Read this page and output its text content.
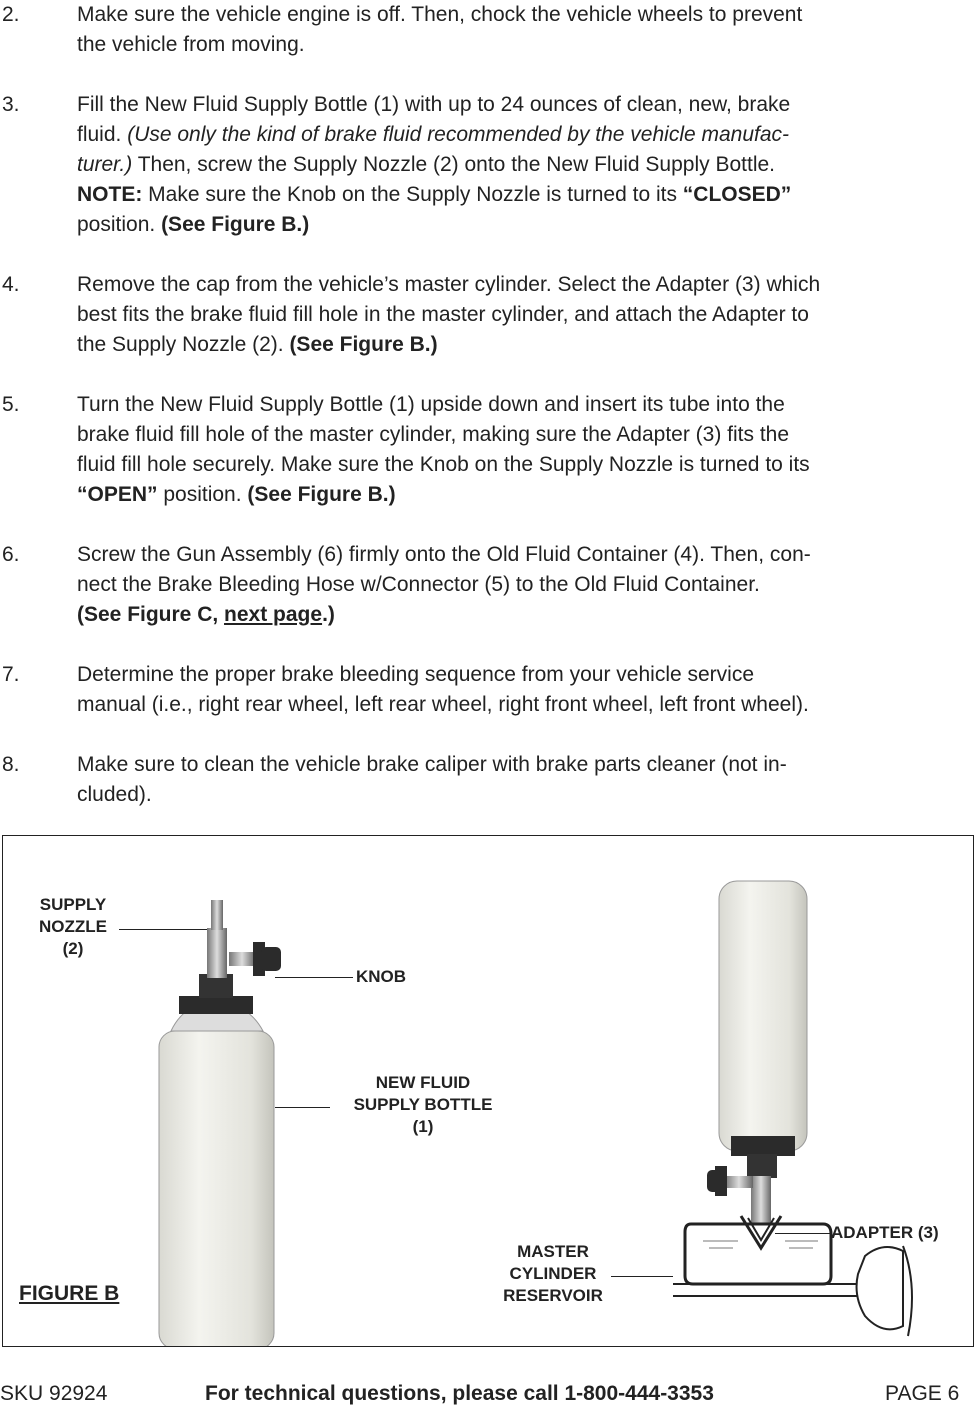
2.	Make sure the vehicle engine is off. Then, chock the vehicle wheels to prevent
the vehicle from moving.
3.	Fill the New Fluid Supply Bottle (1) with up to 24 ounces of clean, new, brake
fluid. (Use only the kind of brake fluid recommended by the vehicle manufac-
turer.) Then, screw the Supply Nozzle (2) onto the New Fluid Supply Bottle.
NOTE: Make sure the Knob on the Supply Nozzle is turned to its “CLOSED”
position. (See Figure B.)
4.	Remove the cap from the vehicle’s master cylinder. Select the Adapter (3) which
best fits the brake fluid fill hole in the master cylinder, and attach the Adapter to
the Supply Nozzle (2). (See Figure B.)
5.	Turn the New Fluid Supply Bottle (1) upside down and insert its tube into the
brake fluid fill hole of the master cylinder, making sure the Adapter (3) fits the
fluid fill hole securely. Make sure the Knob on the Supply Nozzle is turned to its
“OPEN” position. (See Figure B.)
6.	Screw the Gun Assembly (6) firmly onto the Old Fluid Container (4). Then, con-
nect the Brake Bleeding Hose w/Connector (5) to the Old Fluid Container.
(See Figure C, next page.)
7.	Determine the proper brake bleeding sequence from your vehicle service
manual (i.e., right rear wheel, left rear wheel, right front wheel, left front wheel).
8.	Make sure to clean the vehicle brake caliper with brake parts cleaner (not in-
cluded).
SUPPLY
NOZZLE
(2)
KNOB
NEW FLUID
SUPPLY BOTTLE
(1)
ADAPTER (3)
MASTER
CYLINDER
RESERVOIR
FIGURE B
SKU 92924	For technical questions, please call 1-800-444-3353	PAGE 6
